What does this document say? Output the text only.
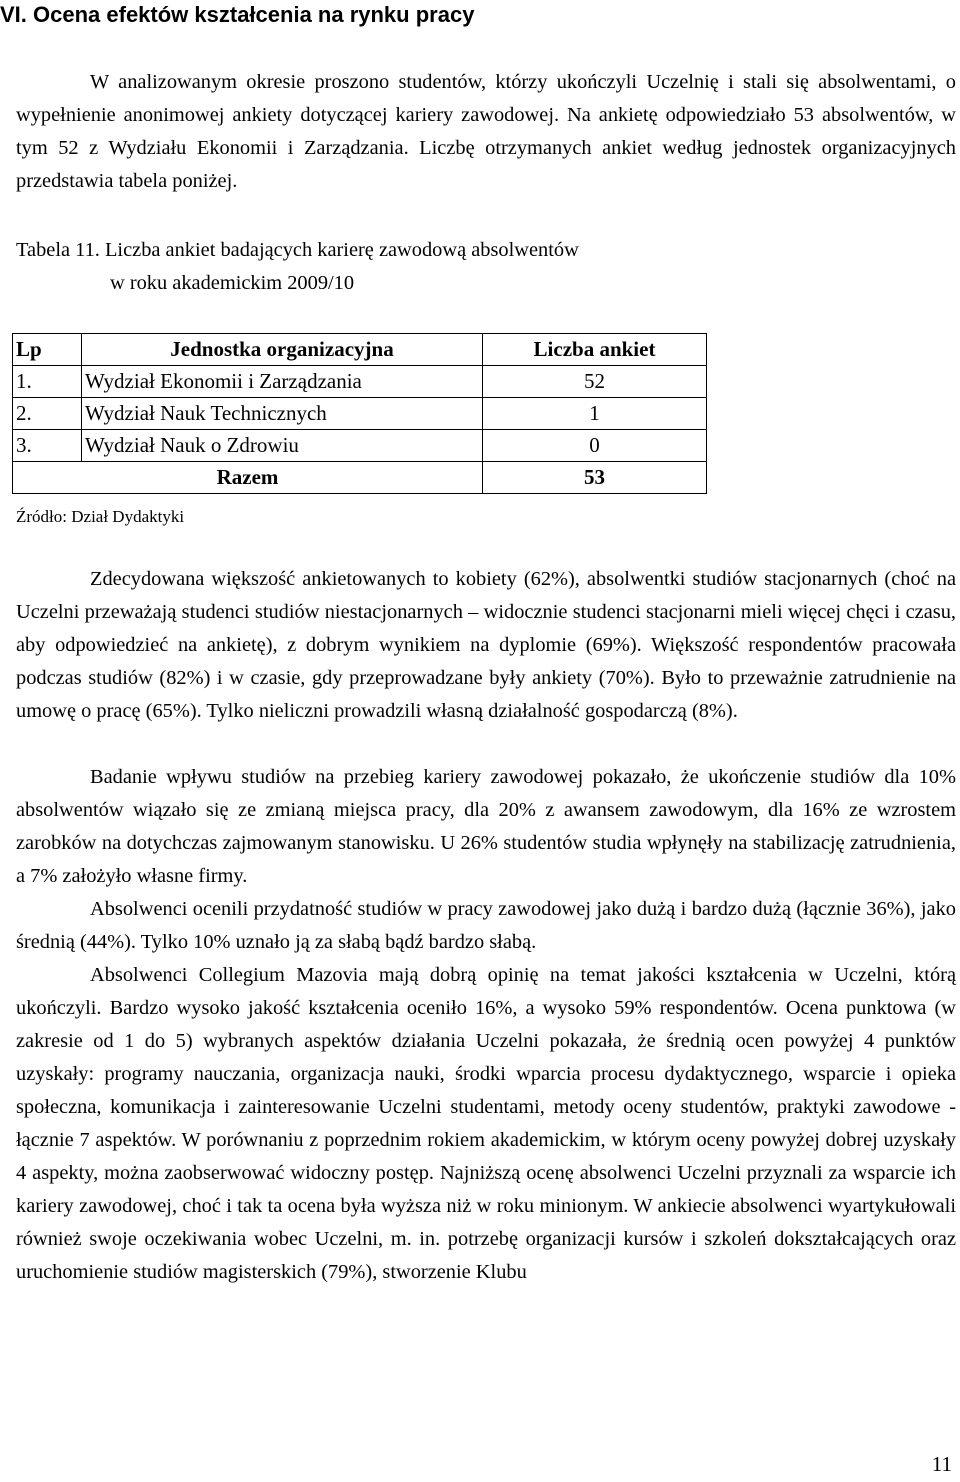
VI. Ocena efektów kształcenia na rynku pracy

W analizowanym okresie proszono studentów, którzy ukończyli Uczelnię i stali się absolwentami, o wypełnienie anonimowej ankiety dotyczącej kariery zawodowej. Na ankietę odpowiedziało 53 absolwentów, w tym 52 z Wydziału Ekonomii i Zarządzania. Liczbę otrzymanych ankiet według jednostek organizacyjnych przedstawia tabela poniżej.

Tabela 11. Liczba ankiet badających karierę zawodową absolwentów
w roku akademickim 2009/10

Lp	Jednostka organizacyjna	Liczba ankiet
1.	Wydział Ekonomii i Zarządzania	52
2.	Wydział Nauk Technicznych	1
3.	Wydział Nauk o Zdrowiu	0
Razem		53

Źródło: Dział Dydaktyki

Zdecydowana większość ankietowanych to kobiety (62%), absolwentki studiów stacjonarnych (choć na Uczelni przeważają studenci studiów niestacjonarnych – widocznie studenci stacjonarni mieli więcej chęci i czasu, aby odpowiedzieć na ankietę), z dobrym wynikiem na dyplomie (69%). Większość respondentów pracowała podczas studiów (82%) i w czasie, gdy przeprowadzane były ankiety (70%). Było to przeważnie zatrudnienie na umowę o pracę (65%). Tylko nieliczni prowadzili własną działalność gospodarczą (8%).

Badanie wpływu studiów na przebieg kariery zawodowej pokazało, że ukończenie studiów dla 10% absolwentów wiązało się ze zmianą miejsca pracy, dla 20% z awansem zawodowym, dla 16% ze wzrostem zarobków na dotychczas zajmowanym stanowisku. U 26% studentów studia wpłynęły na stabilizację zatrudnienia, a 7% założyło własne firmy.

Absolwenci ocenili przydatność studiów w pracy zawodowej jako dużą i bardzo dużą (łącznie 36%), jako średnią (44%). Tylko 10% uznało ją za słabą bądź bardzo słabą.

Absolwenci Collegium Mazovia mają dobrą opinię na temat jakości kształcenia w Uczelni, którą ukończyli. Bardzo wysoko jakość kształcenia oceniło 16%, a wysoko 59% respondentów. Ocena punktowa (w zakresie od 1 do 5) wybranych aspektów działania Uczelni pokazała, że średnią ocen powyżej 4 punktów uzyskały: programy nauczania, organizacja nauki, środki wparcia procesu dydaktycznego, wsparcie i opieka społeczna, komunikacja i zainteresowanie Uczelni studentami, metody oceny studentów, praktyki zawodowe - łącznie 7 aspektów. W porównaniu z poprzednim rokiem akademickim, w którym oceny powyżej dobrej uzyskały 4 aspekty, można zaobserwować widoczny postęp. Najniższą ocenę absolwenci Uczelni przyznali za wsparcie ich kariery zawodowej, choć i tak ta ocena była wyższa niż w roku minionym. W ankiecie absolwenci wyartykułowali również swoje oczekiwania wobec Uczelni, m. in. potrzebę organizacji kursów i szkoleń dokształcających oraz uruchomienie studiów magisterskich (79%), stworzenie Klubu

11
